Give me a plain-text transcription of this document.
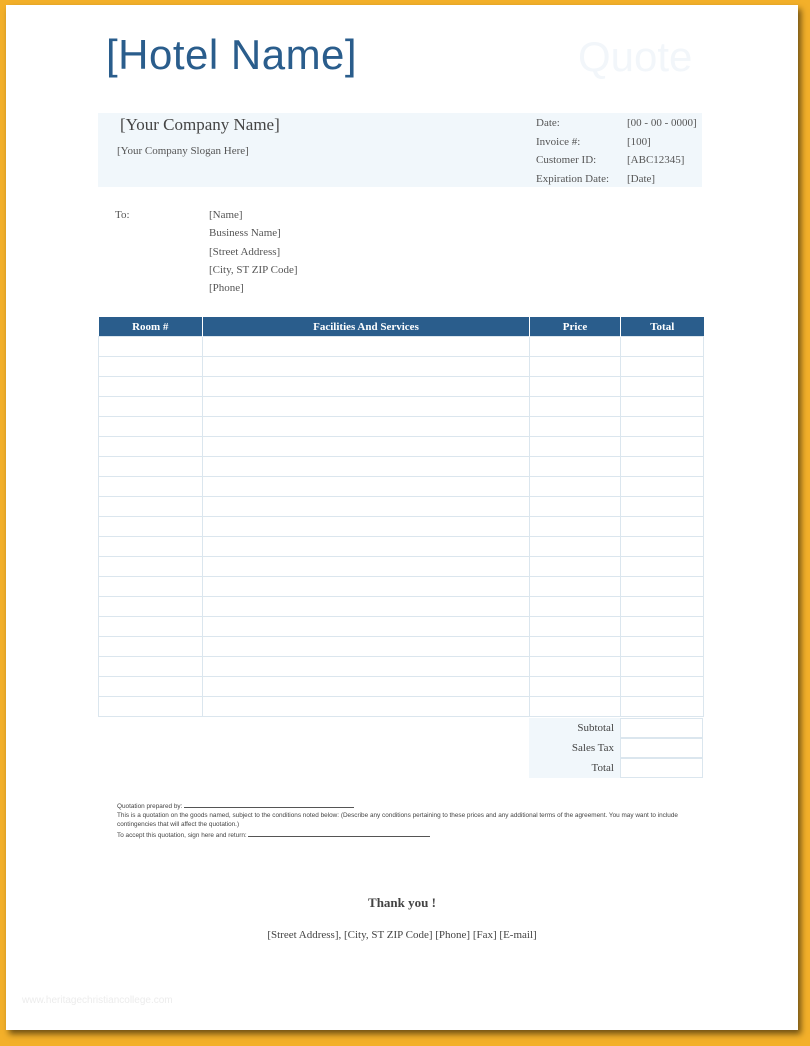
[Hotel Name]	Quote
[Your Company Name]
[Your Company Slogan Here]
Date:	[00 - 00 - 0000]
Invoice #:	[100]
Customer ID:	[ABC12345]
Expiration Date: [Date]
To:	[Name]
Business Name]
[Street Address]
[City, ST ZIP Code]
[Phone]
Room #	Facilities And Services	Price	Total

Subtotal
Sales Tax
Total
Quotation prepared by:
This is a quotation on the goods named, subject to the conditions noted below: (Describe any conditions pertaining to these prices and any additional terms of the agreement. You may want to include contingencies that will affect the quotation.)
To accept this quotation, sign here and return:
Thank you !
[Street Address], [City, ST ZIP Code] [Phone] [Fax] [E-mail]
www.heritagechristiancollege.com
